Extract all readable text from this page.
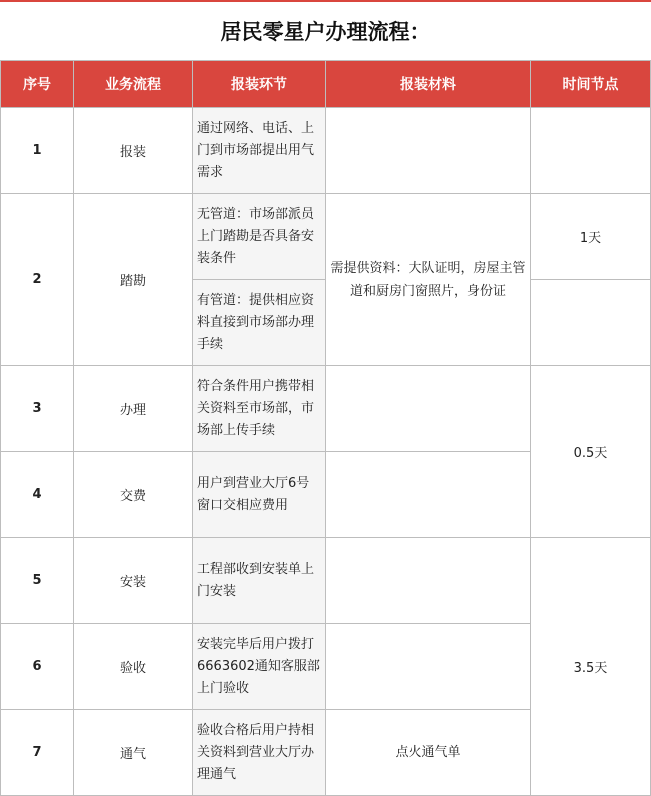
居民零星户办理流程：
序号	业务流程	报装环节	报装材料	时间节点
1	报装	通过网络、电话、上门到市场部提出用气需求		
2	踏勘	无管道：市场部派员上门踏勘是否具备安装条件	需提供资料：大队证明，房屋主管道和厨房门窗照片，身份证	1天
		有管道：提供相应资料直接到市场部办理手续		
3	办理	符合条件用户携带相关资料至市场部，市场部上传手续		0.5天
4	交费	用户到营业大厅6号窗口交相应费用		
5	安装	工程部收到安装单上门安装		3.5天
6	验收	安装完毕后用户拨打6663602通知客服部上门验收		
7	通气	验收合格后用户持相关资料到营业大厅办理通气	点火通气单	
